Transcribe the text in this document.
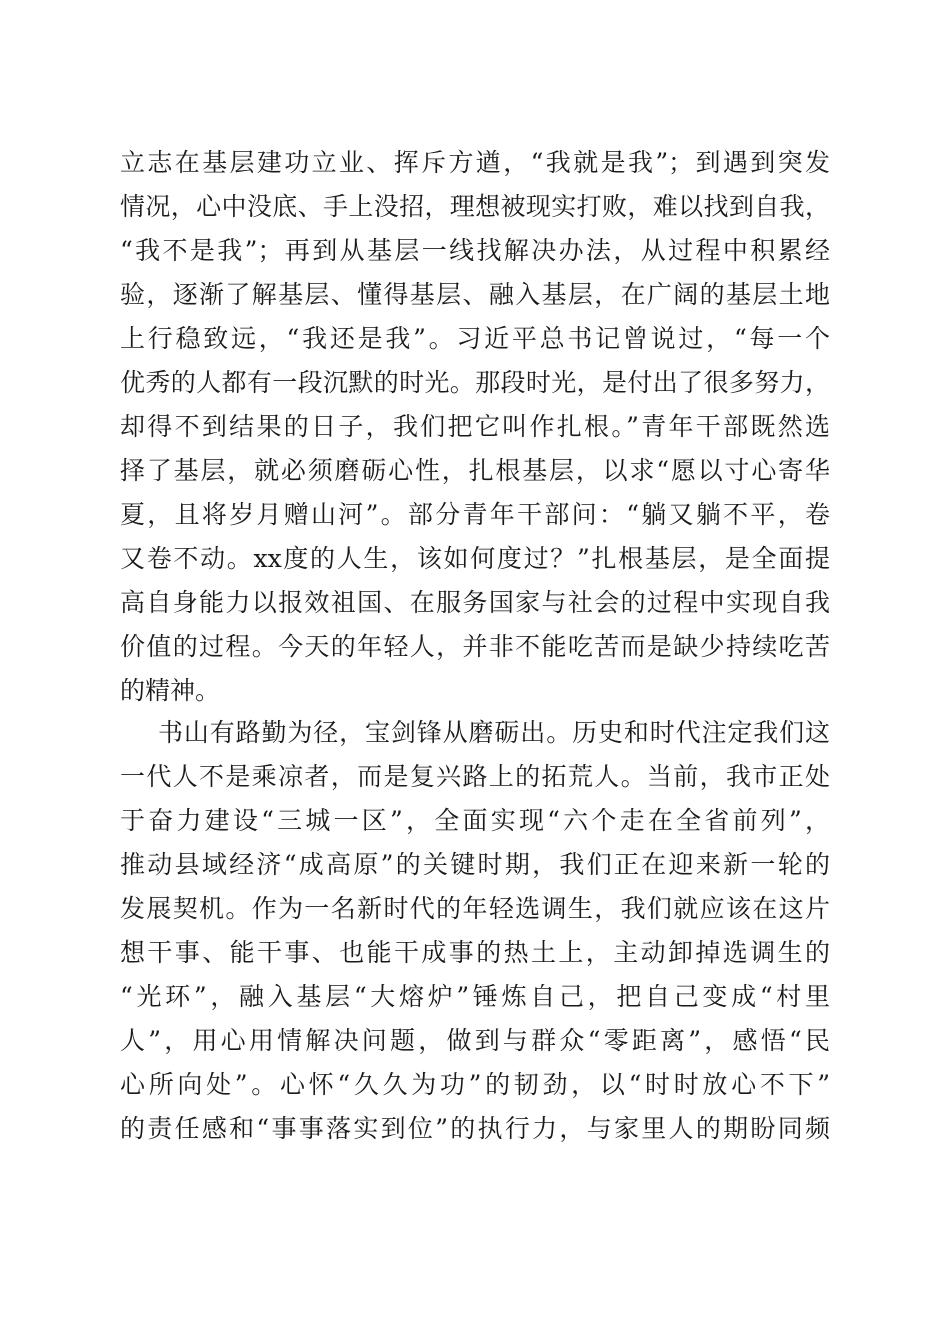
立志在基层建功立业、挥斥方遒，“我就是我”；到遇到突发
情况，心中没底、手上没招，理想被现实打败，难以找到自我，
“我不是我”；再到从基层一线找解决办法，从过程中积累经
验，逐渐了解基层、懂得基层、融入基层，在广阔的基层土地
上行稳致远，“我还是我”。习近平总书记曾说过，“每一个
优秀的人都有一段沉默的时光。那段时光，是付出了很多努力，
却得不到结果的日子，我们把它叫作扎根。”青年干部既然选
择了基层，就必须磨砺心性，扎根基层，以求“愿以寸心寄华
夏，且将岁月赠山河”。部分青年干部问：“躺又躺不平，卷
又卷不动。xx度的人生，该如何度过？”扎根基层，是全面提
高自身能力以报效祖国、在服务国家与社会的过程中实现自我
价值的过程。今天的年轻人，并非不能吃苦而是缺少持续吃苦
的精神。
书山有路勤为径，宝剑锋从磨砺出。历史和时代注定我们这
一代人不是乘凉者，而是复兴路上的拓荒人。当前，我市正处
于奋力建设“三城一区”，全面实现“六个走在全省前列”，
推动县域经济“成高原”的关键时期，我们正在迎来新一轮的
发展契机。作为一名新时代的年轻选调生，我们就应该在这片
想干事、能干事、也能干成事的热土上，主动卸掉选调生的
“光环”，融入基层“大熔炉”锤炼自己，把自己变成“村里
人”，用心用情解决问题，做到与群众“零距离”，感悟“民
心所向处”。心怀“久久为功”的韧劲，以“时时放心不下”
的责任感和“事事落实到位”的执行力，与家里人的期盼同频
